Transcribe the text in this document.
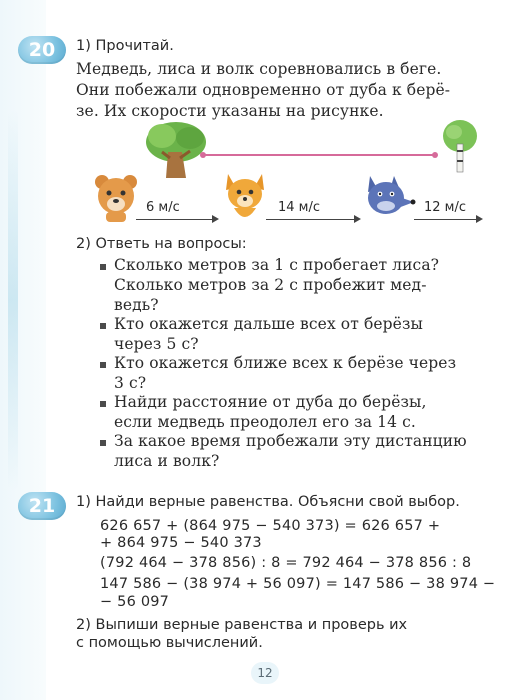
20	1) Прочитай.
Медведь, лиса и волк соревновались в беге.
Они побежали одновременно от дуба к берё-
зе. Их скорости указаны на рисунке.
6 м/с	14 м/с	12 м/с
2) Ответь на вопросы:
Сколько метров за 1 с пробегает лиса?
Сколько метров за 2 с пробежит мед-
ведь?
Кто окажется дальше всех от берёзы
через 5 с?
Кто окажется ближе всех к берёзе через
3 с?
Найди расстояние от дуба до берёзы,
если медведь преодолел его за 14 с.
За какое время пробежали эту дистанцию
лиса и волк?
21	1) Найди верные равенства. Объясни свой выбор.
626 657 + (864 975 − 540 373) = 626 657 +
+ 864 975 − 540 373
(792 464 − 378 856) : 8 = 792 464 − 378 856 : 8
147 586 − (38 974 + 56 097) = 147 586 − 38 974 −
− 56 097
2) Выпиши верные равенства и проверь их
с помощью вычислений.
12
